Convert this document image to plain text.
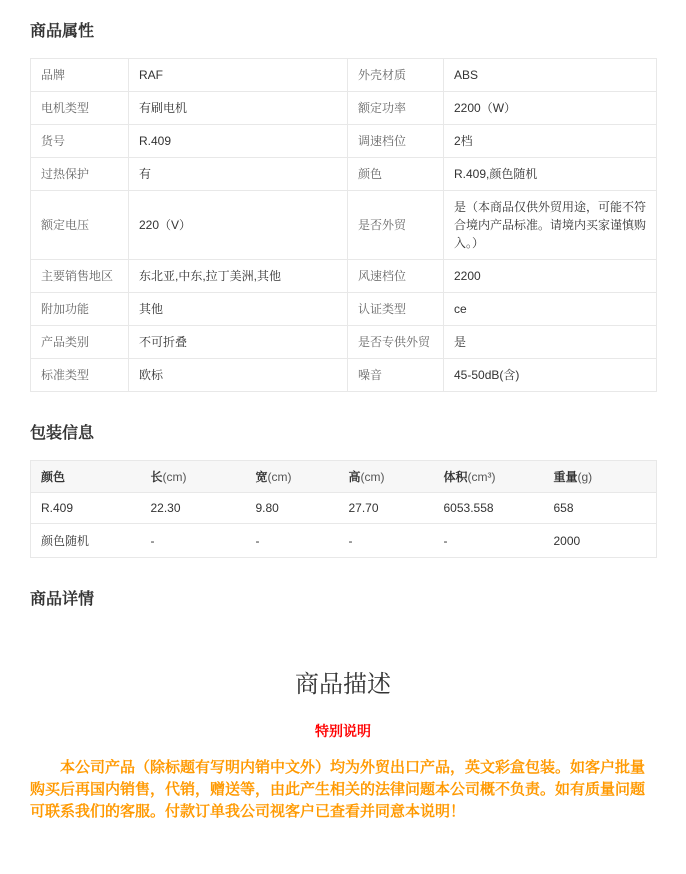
商品属性
品牌	RAF	外壳材质	ABS
电机类型	有刷电机	额定功率	2200（W）
货号	R.409	调速档位	2档
过热保护	有	颜色	R.409,颜色随机
额定电压	220（V）	是否外贸	是（本商品仅供外贸用途，可能不符合境内产品标准。请境内买家谨慎购入。）
主要销售地区	东北亚,中东,拉丁美洲,其他	风速档位	2200
附加功能	其他	认证类型	ce
产品类别	不可折叠	是否专供外贸	是
标准类型	欧标	噪音	45-50dB(含)
包装信息
颜色	长(cm)	宽(cm)	高(cm)	体积(cm³)	重量(g)
R.409	22.30	9.80	27.70	6053.558	658
颜色随机	-	-	-	-	2000
商品详情
商品描述
特别说明

本公司产品（除标题有写明内销中文外）均为外贸出口产品，英文彩盒包装。如客户批量购买后再国内销售，代销，赠送等，由此产生相关的法律问题本公司概不负责。如有质量问题可联系我们的客服。付款订单我公司视客户已查看并同意本说明！
